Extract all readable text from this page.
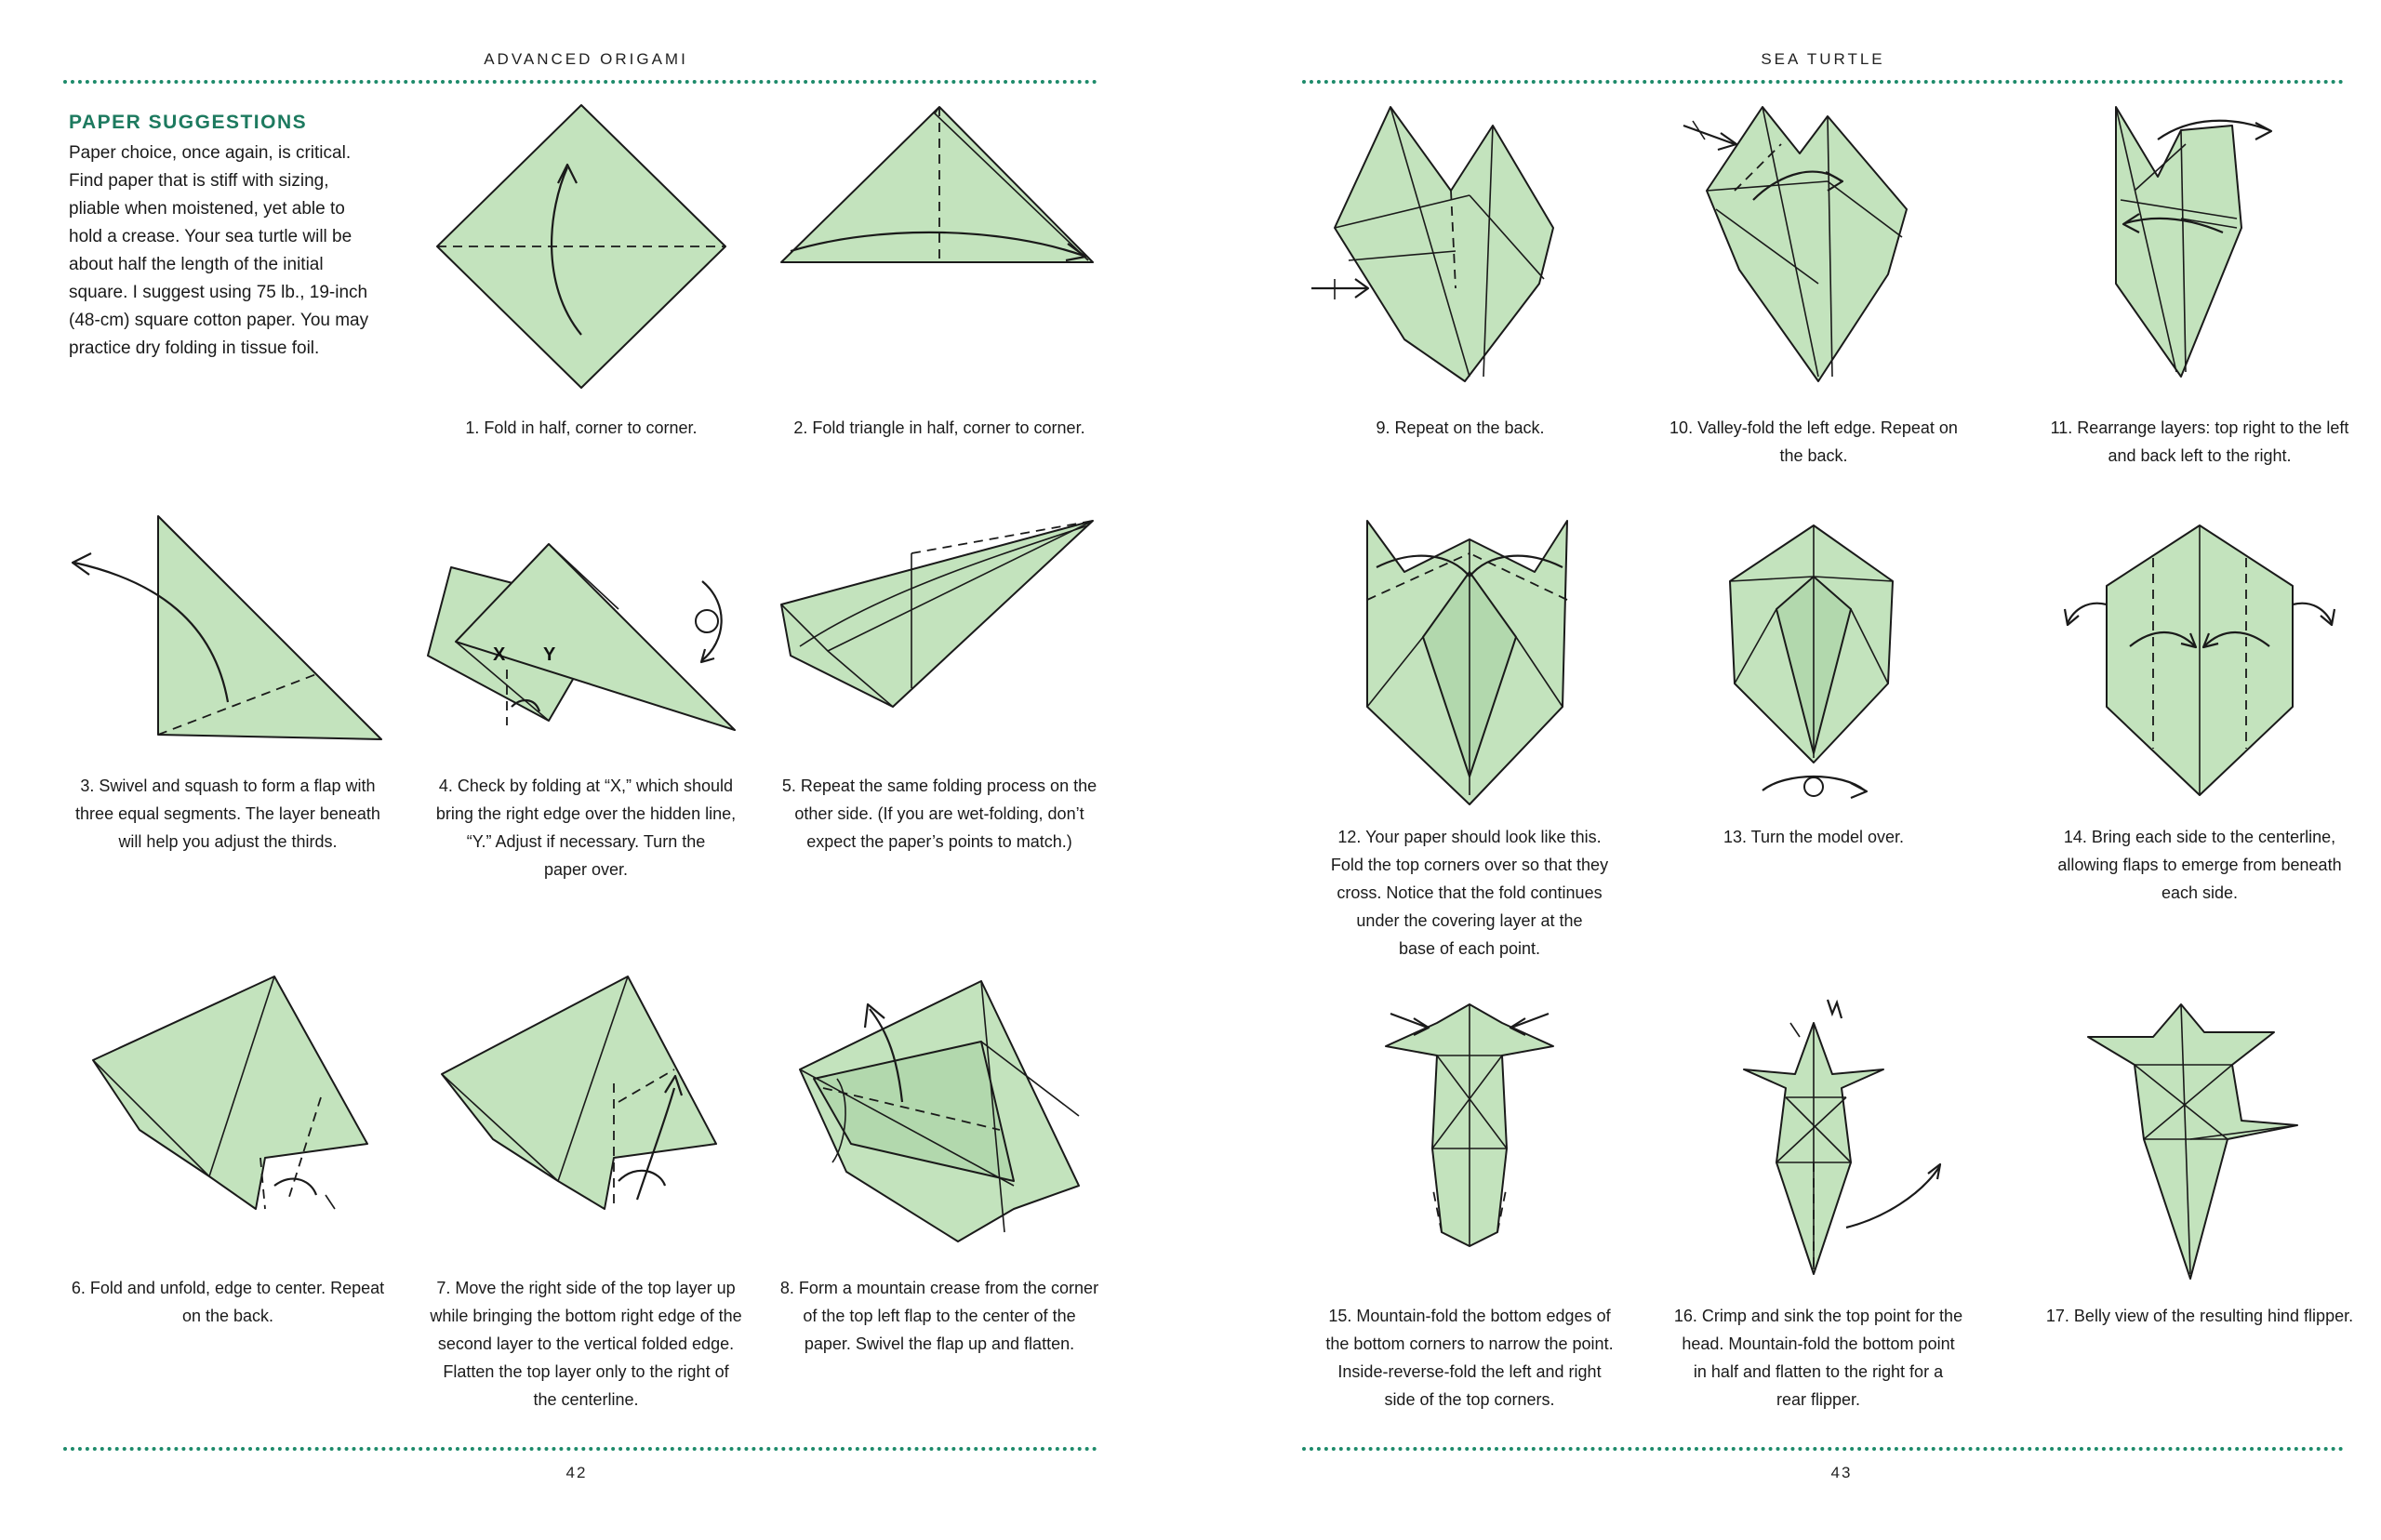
ADVANCED ORIGAMI
PAPER SUGGESTIONS

Paper choice, once again, is critical.
Find paper that is stiff with sizing,
pliable when moistened, yet able to
hold a crease. Your sea turtle will be
about half the length of the initial
square. I suggest using 75 lb., 19-inch
(48-cm) square cotton paper. You may
practice dry folding in tissue foil.

1. Fold in half, corner to corner.	2. Fold triangle in half, corner to corner.
3. Swivel and squash to form a flap with
three equal segments. The layer beneath
will help you adjust the thirds.
X Y
4. Check by folding at “X,” which should
bring the right edge over the hidden line,
“Y.” Adjust if necessary. Turn the
paper over.
5. Repeat the same folding process on the
other side. (If you are wet-folding, don’t
expect the paper’s points to match.)
6. Fold and unfold, edge to center. Repeat
on the back.
7. Move the right side of the top layer up
while bringing the bottom right edge of the
second layer to the vertical folded edge.
Flatten the top layer only to the right of
the centerline.
8. Form a mountain crease from the corner
of the top left flap to the center of the
paper. Swivel the flap up and flatten.
42
SEA TURTLE
9. Repeat on the back.	10. Valley-fold the left edge. Repeat on
the back.
11. Rearrange layers: top right to the left
and back left to the right.
12. Your paper should look like this.
Fold the top corners over so that they
cross. Notice that the fold continues
under the covering layer at the
base of each point.
13. Turn the model over.	14. Bring each side to the centerline,
allowing flaps to emerge from beneath
each side.
15. Mountain-fold the bottom edges of
the bottom corners to narrow the point.
Inside-reverse-fold the left and right
side of the top corners.
16. Crimp and sink the top point for the
head. Mountain-fold the bottom point
in half and flatten to the right for a
rear flipper.
17. Belly view of the resulting hind flipper.
43
